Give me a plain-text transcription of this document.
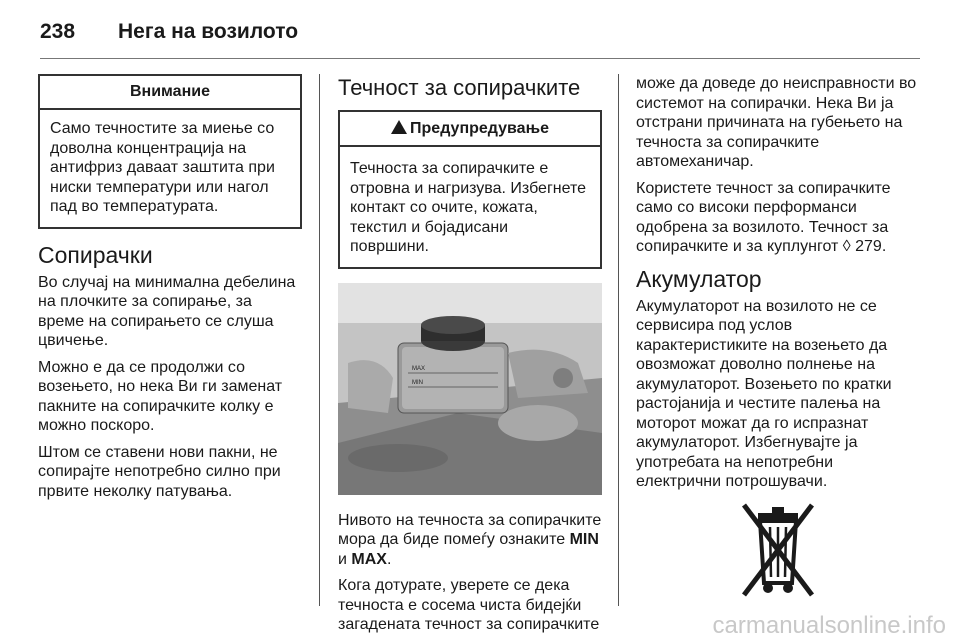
238	Нега на возилото
Внимание
Само течностите за миење со доволна концентрација на антифриз даваат заштита при ниски температури или нагол пад во температурата.
Сопирачки

Во случај на минимална дебелина на плочките за сопирање, за време на сопирањето се слуша цвичење.

Можно е да се продолжи со возењето, но нека Ви ги заменат пакните на сопирачките колку е можно поскоро.

Штом се ставени нови пакни, не сопирајте непотребно силно при првите неколку патувања.

Течност за сопирачките
Предупредување
Течноста за сопирачките е отровна и нагризува. Избегнете контакт со очите, кожата, текстил и бојадисани површини.
MAX
MIN

Нивото на течноста за сопирачките мора да биде помеѓу ознаките MIN и MAX.

Кога дотурате, уверете се дека течноста е сосема чиста бидејќи загадената течност за сопирачките

може да доведе до неисправности во системот на сопирачки. Нека Ви ја отстрани причината на губењето на течноста за сопирачките автомеханичар.

Користете течност за сопирачките само со високи перформанси одобрена за возилото. Течност за сопирачките и за куплунгот ◊ 279.

Акумулатор

Акумулаторот на возилото не се сервисира под услов карактеристиките на возењето да овозможат доволно полнење на акумулаторот. Возењето по кратки растојанија и честите палења на моторот можат да го испразнат акумулаторот. Избегнувајте ја употребата на непотребни електрични потрошувачи.

carmanualsonline.info
